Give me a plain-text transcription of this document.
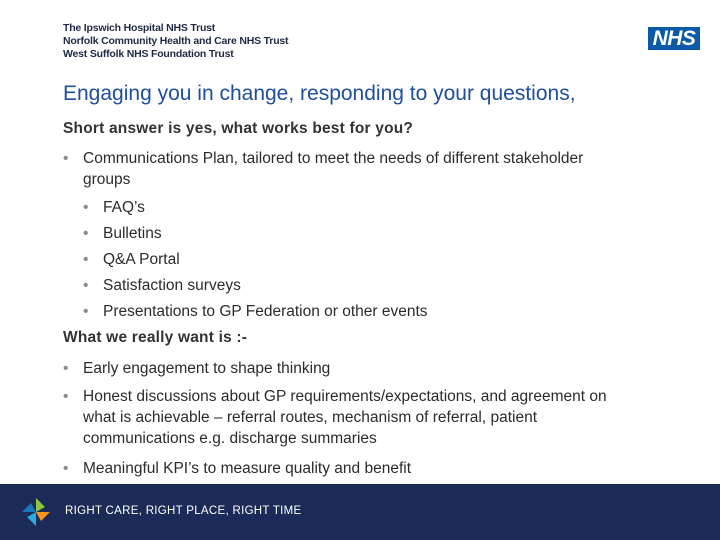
The Ipswich Hospital NHS Trust
Norfolk Community Health and Care NHS Trust
West Suffolk NHS Foundation Trust
NHS
Engaging you in change, responding to your questions,
Short answer is yes, what works best for you?
• Communications Plan, tailored to meet the needs of different stakeholder groups
• FAQ’s
• Bulletins
• Q&A Portal
• Satisfaction surveys
• Presentations to GP Federation or other events
What we really want is :-
• Early engagement to shape thinking
• Honest discussions about GP requirements/expectations, and agreement on what is achievable – referral routes, mechanism of referral, patient communications e.g. discharge summaries
• Meaningful KPI’s to measure quality and benefit
RIGHT CARE, RIGHT PLACE, RIGHT TIME
